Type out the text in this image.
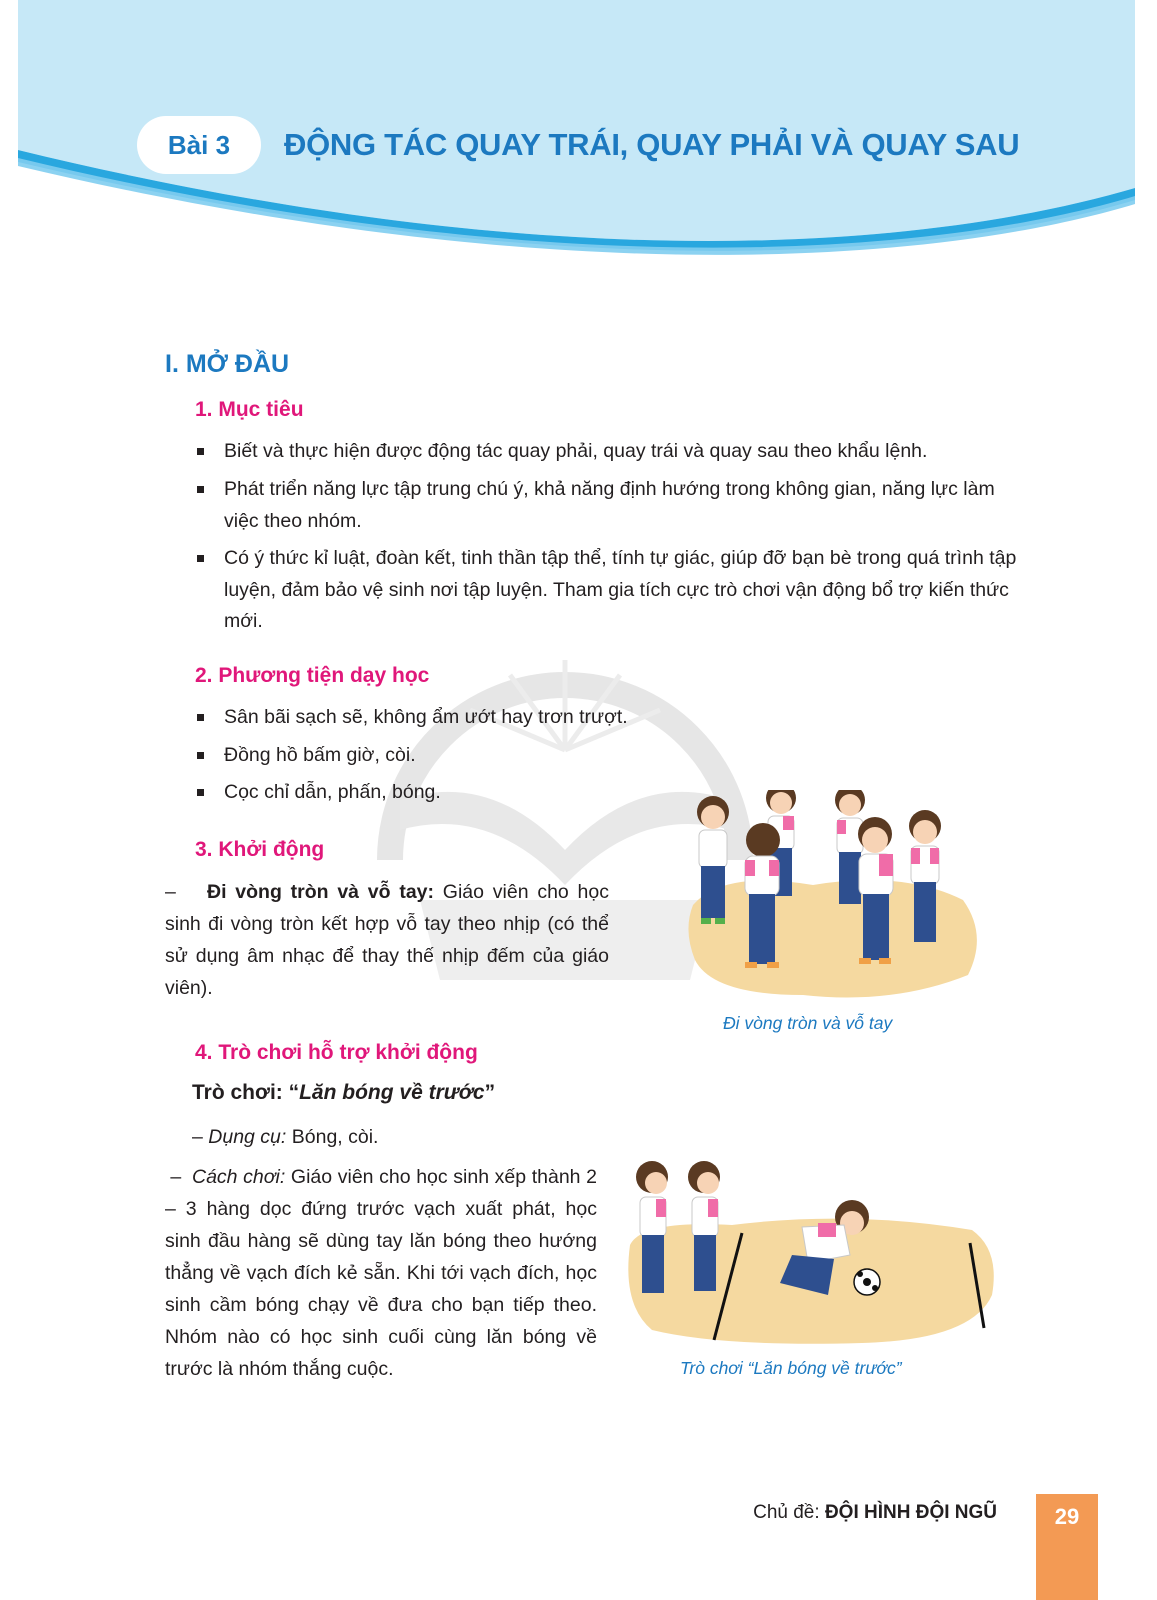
Bài 3 ĐỘNG TÁC QUAY TRÁI, QUAY PHẢI VÀ QUAY SAU
I. MỞ ĐẦU
1. Mục tiêu
Biết và thực hiện được động tác quay phải, quay trái và quay sau theo khẩu lệnh.
Phát triển năng lực tập trung chú ý, khả năng định hướng trong không gian, năng lực làm việc theo nhóm.
Có ý thức kỉ luật, đoàn kết, tinh thần tập thể, tính tự giác, giúp đỡ bạn bè trong quá trình tập luyện, đảm bảo vệ sinh nơi tập luyện. Tham gia tích cực trò chơi vận động bổ trợ kiến thức mới.
2. Phương tiện dạy học
Sân bãi sạch sẽ, không ẩm ướt hay trơn trượt.
Đồng hồ bấm giờ, còi.
Cọc chỉ dẫn, phấn, bóng.
3. Khởi động
– Đi vòng tròn và vỗ tay: Giáo viên cho học sinh đi vòng tròn kết hợp vỗ tay theo nhịp (có thể sử dụng âm nhạc để thay thế nhịp đếm của giáo viên).
Đi vòng tròn và vỗ tay
4. Trò chơi hỗ trợ khởi động
Trò chơi: “Lăn bóng về trước”
– Dụng cụ: Bóng, còi.
– Cách chơi: Giáo viên cho học sinh xếp thành 2 – 3 hàng dọc đứng trước vạch xuất phát, học sinh đầu hàng sẽ dùng tay lăn bóng theo hướng thẳng về vạch đích kẻ sẵn. Khi tới vạch đích, học sinh cầm bóng chạy về đưa cho bạn tiếp theo. Nhóm nào có học sinh cuối cùng lăn bóng về trước là nhóm thắng cuộc.	Trò chơi “Lăn bóng về trước”
Chủ đề: ĐỘI HÌNH ĐỘI NGŨ	29
